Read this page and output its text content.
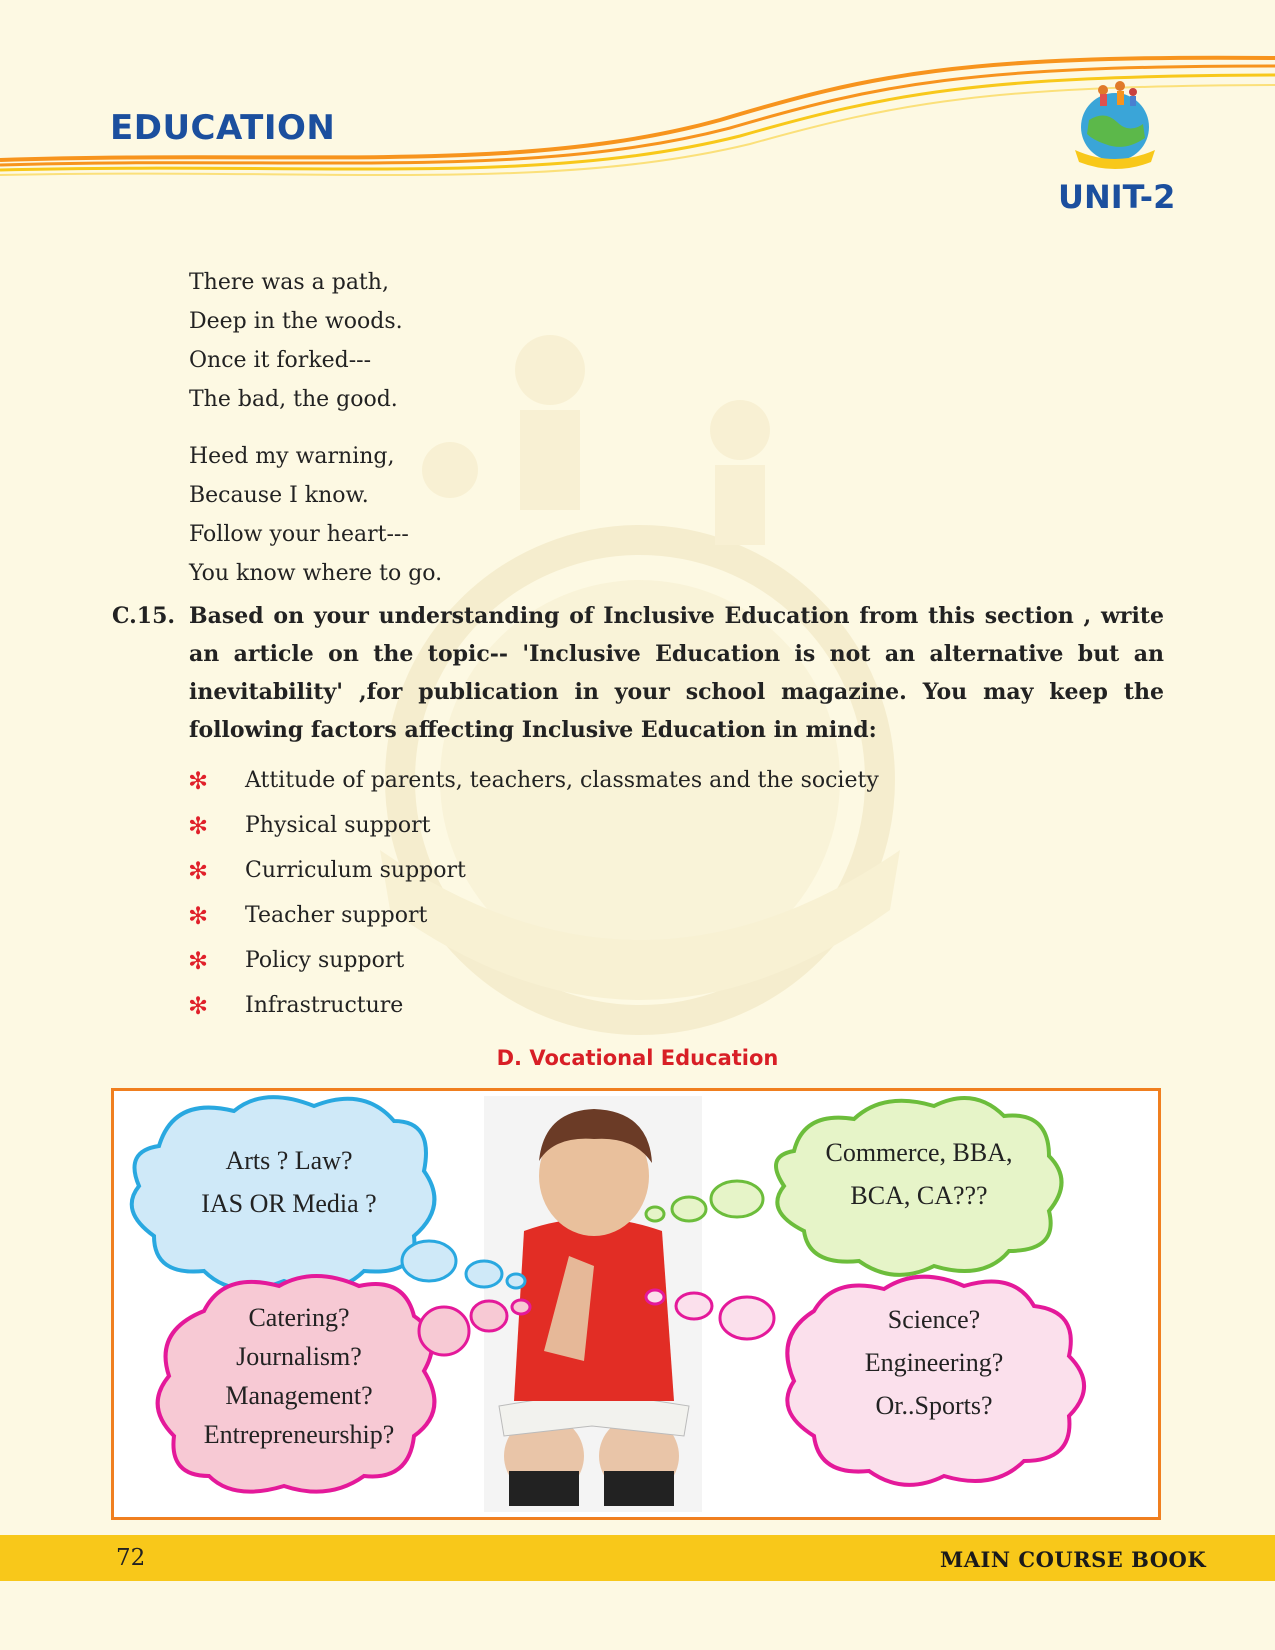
EDUCATION
UNIT-2
There was a path,
Deep in the woods.
Once it forked---
The bad, the good.
Heed my warning,
Because I know.
Follow your heart---
You know where to go.
C.15. Based on your understanding of Inclusive Education from this section , write an article on the topic-- 'Inclusive Education is not an alternative but an inevitability' ,for publication in your school magazine. You may keep the following factors affecting Inclusive Education in mind:
✻ Attitude of parents, teachers, classmates and the society
✻ Physical support
✻ Curriculum support
✻ Teacher support
✻ Policy support
✻ Infrastructure
D. Vocational Education
Arts ? Law?
IAS OR Media ?
Commerce, BBA,
BCA, CA???
Catering?
Journalism?
Management?
Entrepreneurship?
Science?
Engineering?
Or..Sports?
72	MAIN COURSE BOOK
